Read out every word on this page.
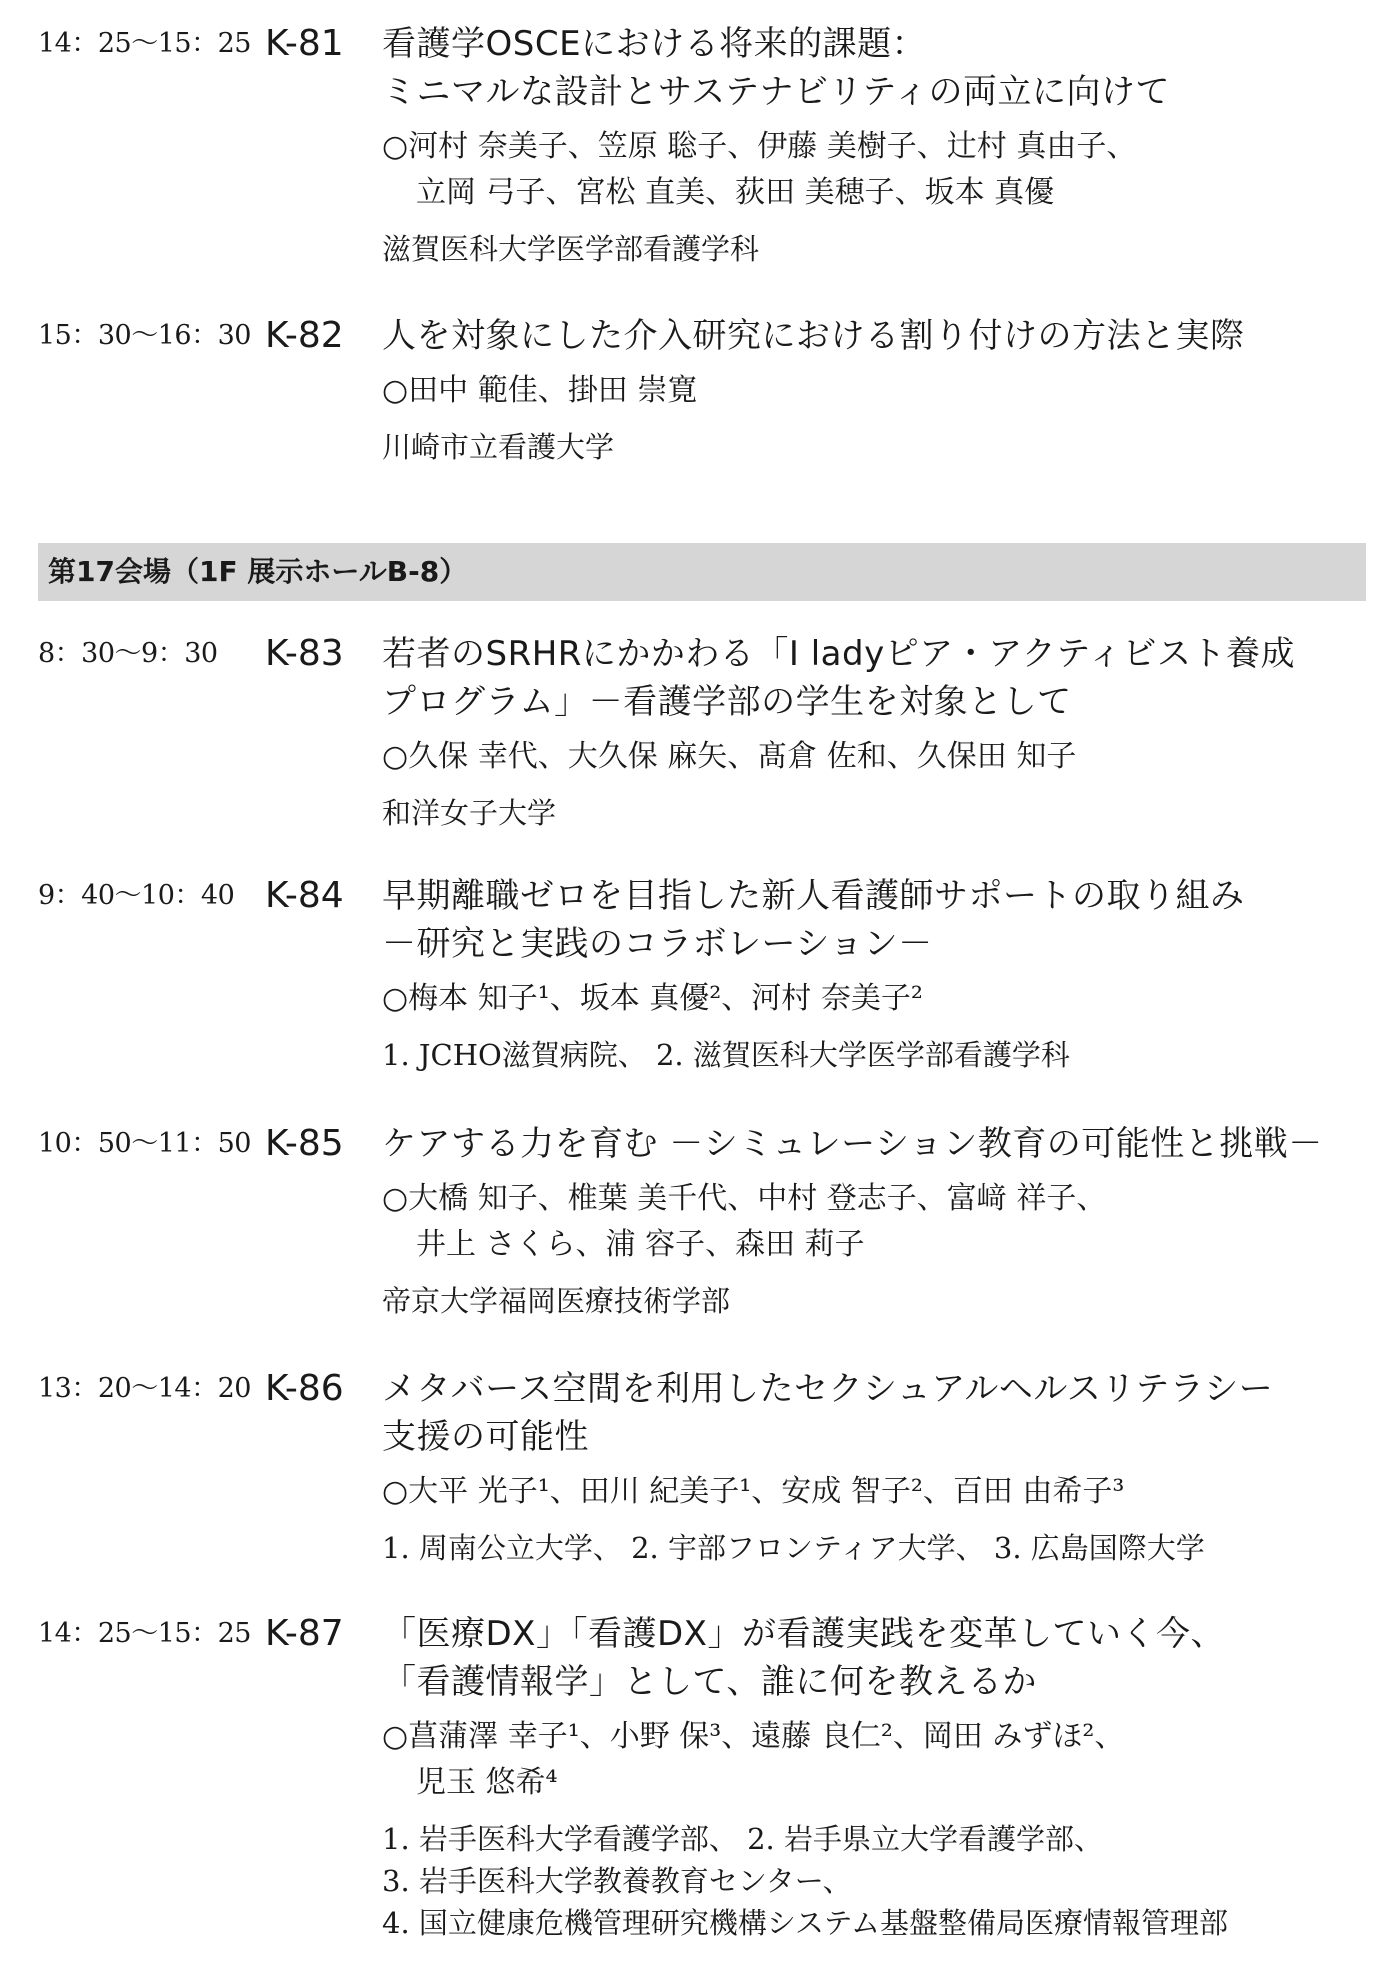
14：25～15：25 K-81 看護学OSCEにおける将来的課題：
ミニマルな設計とサステナビリティの両立に向けて
○河村 奈美子、笠原 聡子、伊藤 美樹子、辻村 真由子、
立岡 弓子、宮松 直美、荻田 美穂子、坂本 真優
滋賀医科大学医学部看護学科
15：30～16：30 K-82 人を対象にした介入研究における割り付けの方法と実際
○田中 範佳、掛田 崇寛
川崎市立看護大学
第17会場（1F 展示ホールB-8）
8：30～9：30 K-83 若者のSRHRにかかわる「I ladyピア・アクティビスト養成
プログラム」－看護学部の学生を対象として
○久保 幸代、大久保 麻矢、髙倉 佐和、久保田 知子
和洋女子大学
9：40～10：40 K-84 早期離職ゼロを目指した新人看護師サポートの取り組み
－研究と実践のコラボレーション－
○梅本 知子¹、坂本 真優²、河村 奈美子²
1. JCHO滋賀病院、 2. 滋賀医科大学医学部看護学科
10：50～11：50 K-85 ケアする力を育む －シミュレーション教育の可能性と挑戦－
○大橋 知子、椎葉 美千代、中村 登志子、富﨑 祥子、
井上 さくら、浦 容子、森田 莉子
帝京大学福岡医療技術学部
13：20～14：20 K-86 メタバース空間を利用したセクシュアルヘルスリテラシー
支援の可能性
○大平 光子¹、田川 紀美子¹、安成 智子²、百田 由希子³
1. 周南公立大学、 2. 宇部フロンティア大学、 3. 広島国際大学
14：25～15：25 K-87 「医療DX」「看護DX」が看護実践を変革していく今、
「看護情報学」として、誰に何を教えるか
○菖蒲澤 幸子¹、小野 保³、遠藤 良仁²、岡田 みずほ²、
児玉 悠希⁴
1. 岩手医科大学看護学部、 2. 岩手県立大学看護学部、
3. 岩手医科大学教養教育センター、
4. 国立健康危機管理研究機構システム基盤整備局医療情報管理部
